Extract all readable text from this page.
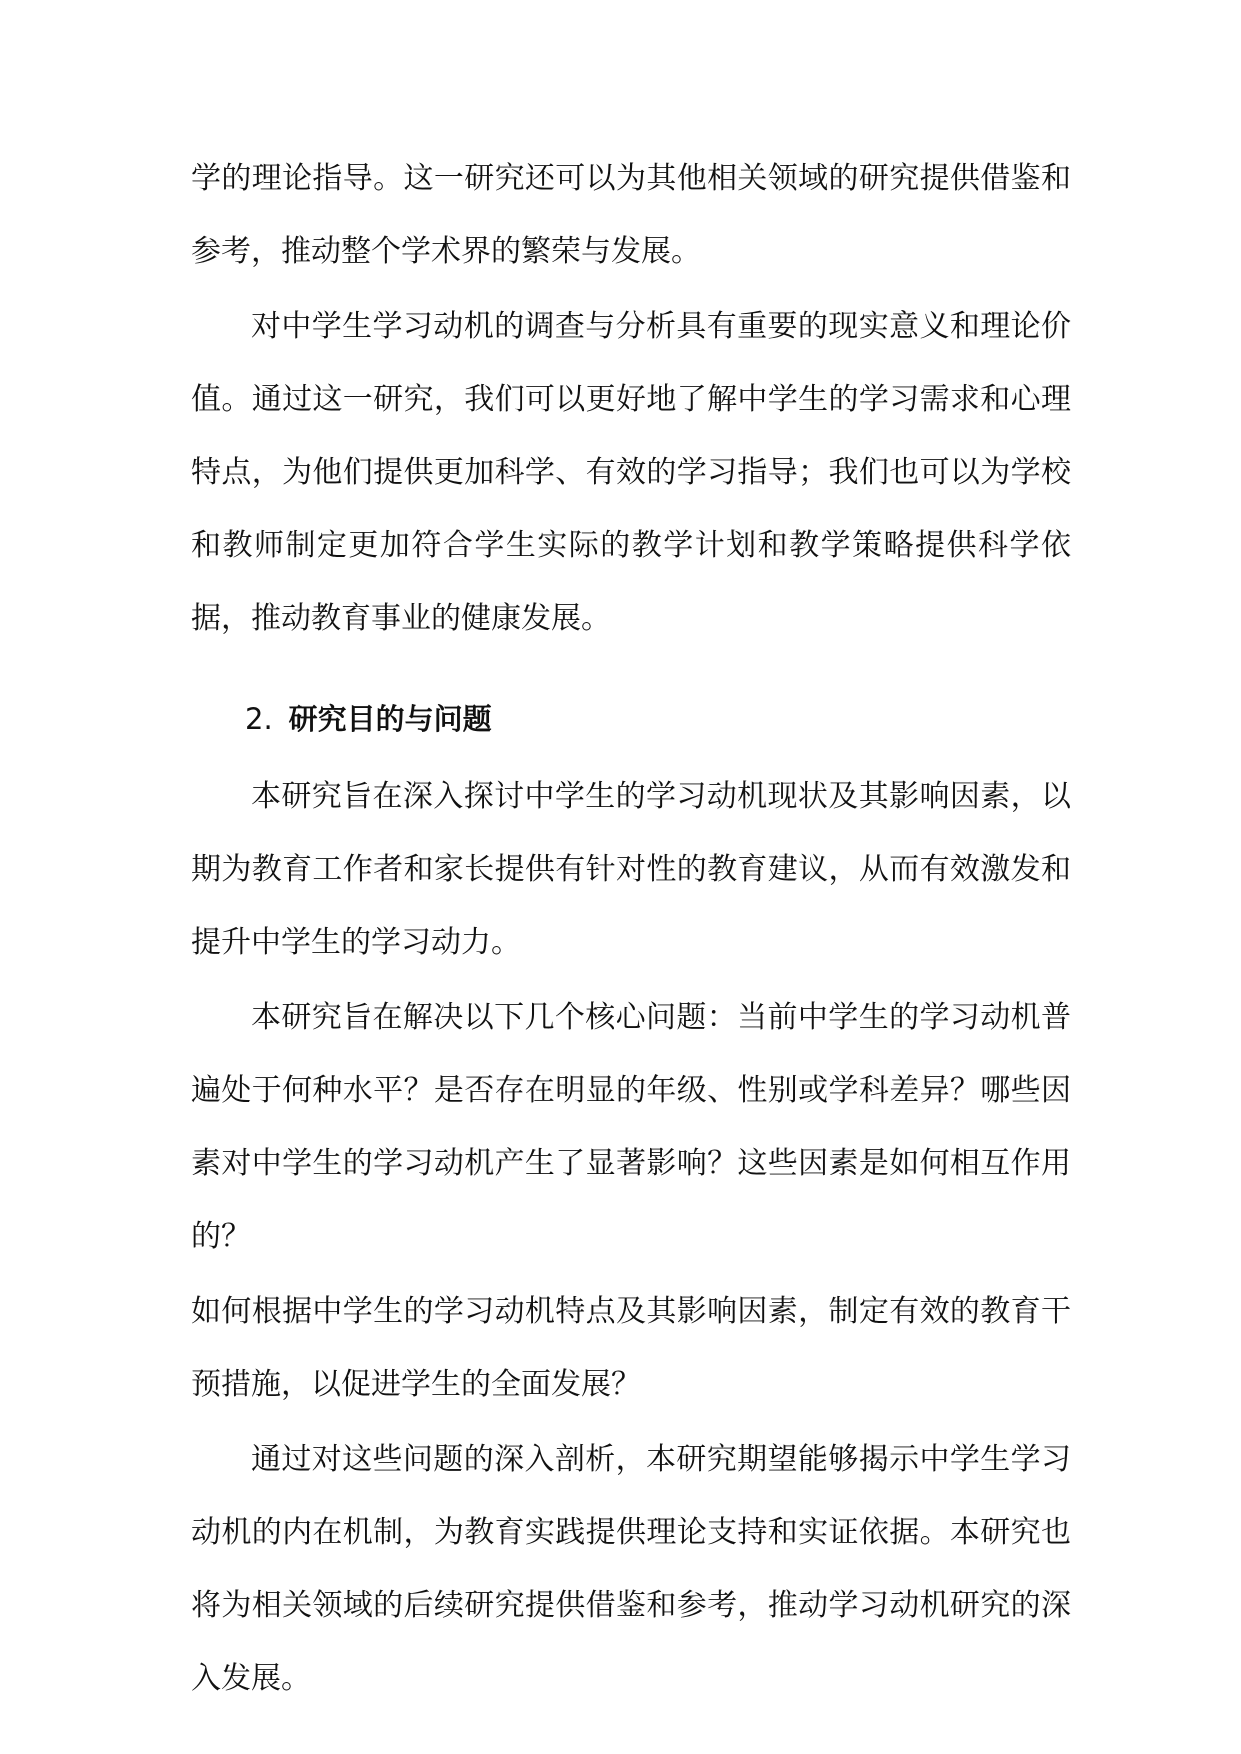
学的理论指导。这一研究还可以为其他相关领域的研究提供借鉴和参考，推动整个学术界的繁荣与发展。

对中学生学习动机的调查与分析具有重要的现实意义和理论价值。通过这一研究，我们可以更好地了解中学生的学习需求和心理特点，为他们提供更加科学、有效的学习指导；我们也可以为学校和教师制定更加符合学生实际的教学计划和教学策略提供科学依据，推动教育事业的健康发展。

2. 研究目的与问题

本研究旨在深入探讨中学生的学习动机现状及其影响因素，以期为教育工作者和家长提供有针对性的教育建议，从而有效激发和提升中学生的学习动力。

本研究旨在解决以下几个核心问题：当前中学生的学习动机普遍处于何种水平？是否存在明显的年级、性别或学科差异？哪些因素对中学生的学习动机产生了显著影响？这些因素是如何相互作用的？

如何根据中学生的学习动机特点及其影响因素，制定有效的教育干预措施，以促进学生的全面发展？

通过对这些问题的深入剖析，本研究期望能够揭示中学生学习动机的内在机制，为教育实践提供理论支持和实证依据。本研究也将为相关领域的后续研究提供借鉴和参考，推动学习动机研究的深入发展。
